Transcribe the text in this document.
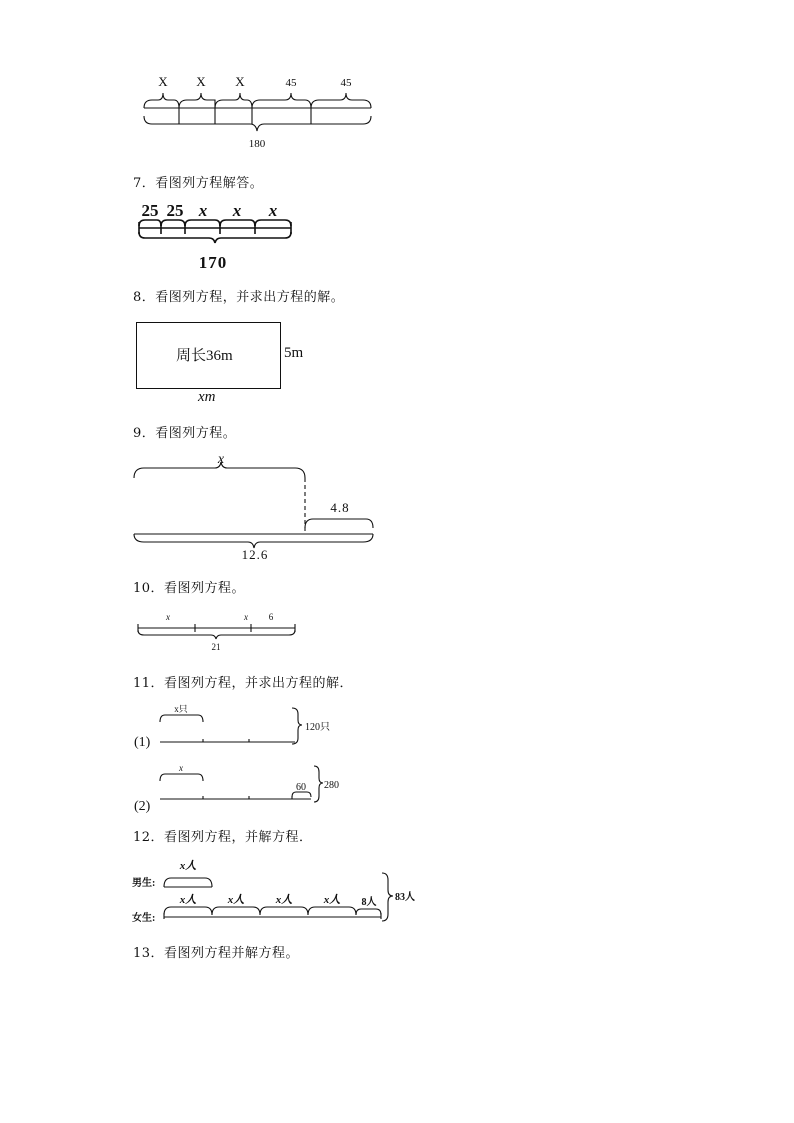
X X X	45	45
180
7．看图列方程解答。
25 25 x x x
170
8．看图列方程，并求出方程的解。
周长36m	5m
xm
9．看图列方程。
x
4.8
12.6
10．看图列方程。
x	x 6
21
11．看图列方程，并求出方程的解．
x只
(1)
120只
x
(2)
60 280
12．看图列方程，并解方程．
x人
男生:
x人	x人	x人	x人 8人
女生:
83人
13．看图列方程并解方程。
